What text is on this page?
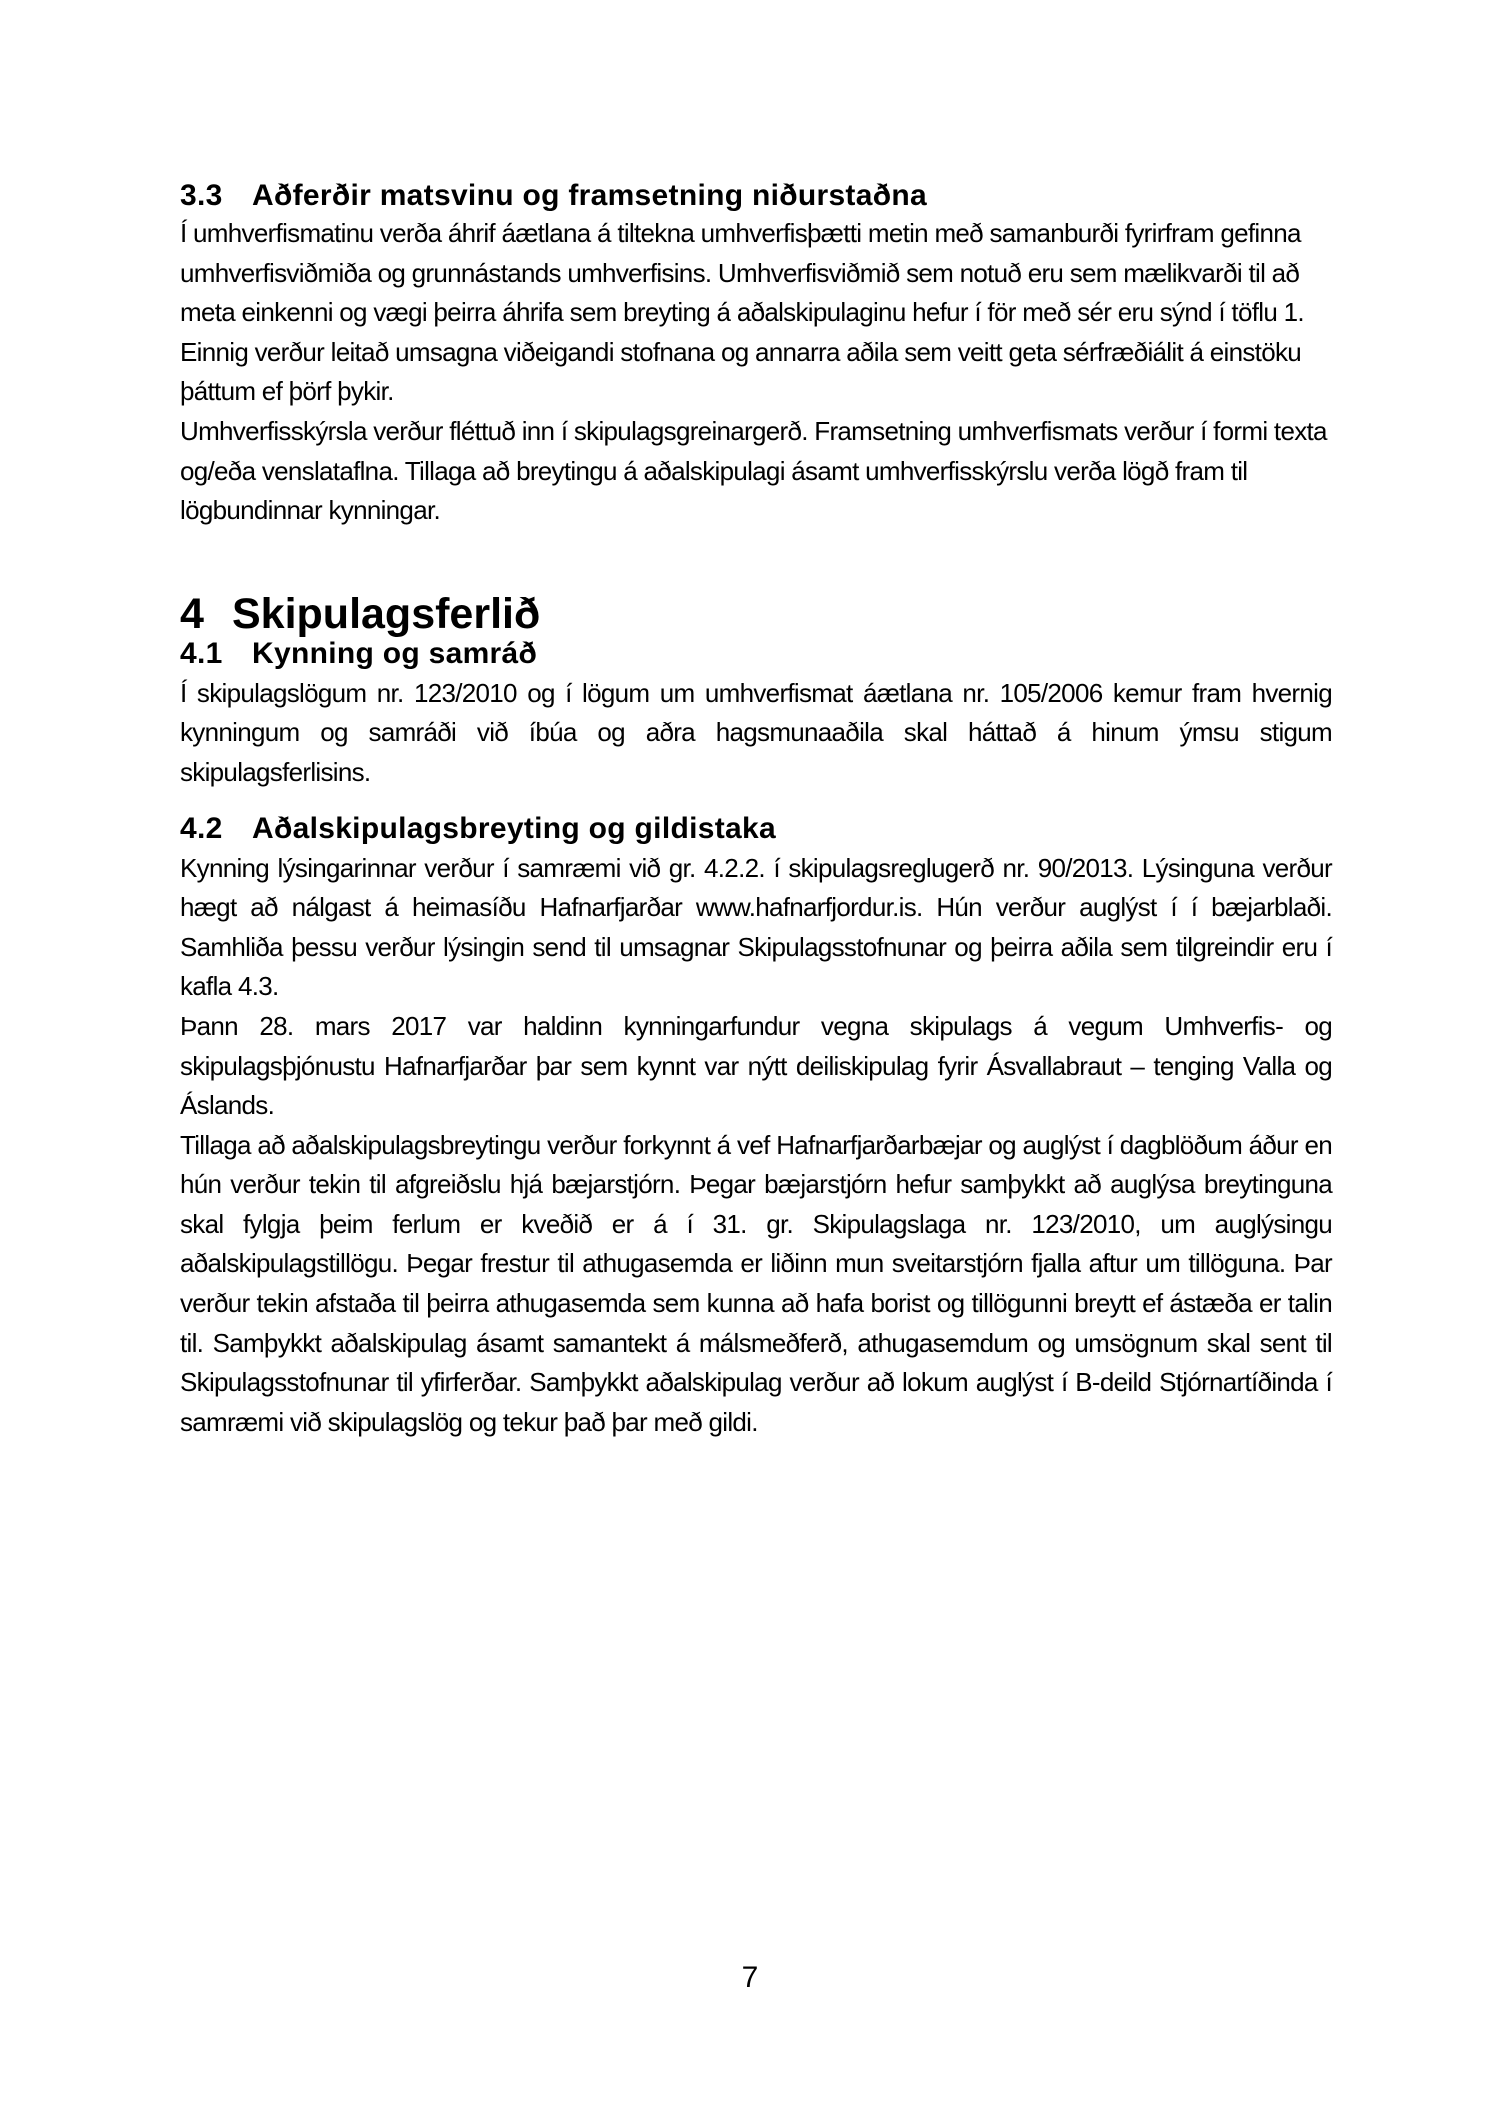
3.3 Aðferðir matsvinu og framsetning niðurstaðna

Í umhverfismatinu verða áhrif áætlana á tiltekna umhverfisþætti metin með samanburði fyrirfram gefinna umhverfisviðmiða og grunnástands umhverfisins. Umhverfisviðmið sem notuð eru sem mælikvarði til að meta einkenni og vægi þeirra áhrifa sem breyting á aðalskipulaginu hefur í för með sér eru sýnd í töflu 1. Einnig verður leitað umsagna viðeigandi stofnana og annarra aðila sem veitt geta sérfræðiálit á einstöku þáttum ef þörf þykir.

Umhverfisskýrsla verður fléttuð inn í skipulagsgreinargerð. Framsetning umhverfismats verður í formi texta og/eða venslataflna. Tillaga að breytingu á aðalskipulagi ásamt umhverfisskýrslu verða lögð fram til lögbundinnar kynningar.

4 Skipulagsferlið
4.1 Kynning og samráð

Í skipulagslögum nr. 123/2010 og í lögum um umhverfismat áætlana nr. 105/2006 kemur fram hvernig kynningum og samráði við íbúa og aðra hagsmunaaðila skal háttað á hinum ýmsu stigum skipulagsferlisins.

4.2 Aðalskipulagsbreyting og gildistaka

Kynning lýsingarinnar verður í samræmi við gr. 4.2.2. í skipulagsreglugerð nr. 90/2013. Lýsinguna verður hægt að nálgast á heimasíðu Hafnarfjarðar www.hafnarfjordur.is. Hún verður auglýst í í bæjarblaði. Samhliða þessu verður lýsingin send til umsagnar Skipulagsstofnunar og þeirra aðila sem tilgreindir eru í kafla 4.3.

Þann 28. mars 2017 var haldinn kynningarfundur vegna skipulags á vegum Umhverfis- og skipulagsþjónustu Hafnarfjarðar þar sem kynnt var nýtt deiliskipulag fyrir Ásvallabraut – tenging Valla og Áslands.

Tillaga að aðalskipulagsbreytingu verður forkynnt á vef Hafnarfjarðarbæjar og auglýst í dagblöðum áður en hún verður tekin til afgreiðslu hjá bæjarstjórn. Þegar bæjarstjórn hefur samþykkt að auglýsa breytinguna skal fylgja þeim ferlum er kveðið er á í 31. gr. Skipulagslaga nr. 123/2010, um auglýsingu aðalskipulagstillögu. Þegar frestur til athugasemda er liðinn mun sveitarstjórn fjalla aftur um tillöguna. Þar verður tekin afstaða til þeirra athugasemda sem kunna að hafa borist og tillögunni breytt ef ástæða er talin til. Samþykkt aðalskipulag ásamt samantekt á málsmeðferð, athugasemdum og umsögnum skal sent til Skipulagsstofnunar til yfirferðar. Samþykkt aðalskipulag verður að lokum auglýst í B-deild Stjórnartíðinda í samræmi við skipulagslög og tekur það þar með gildi.

7
